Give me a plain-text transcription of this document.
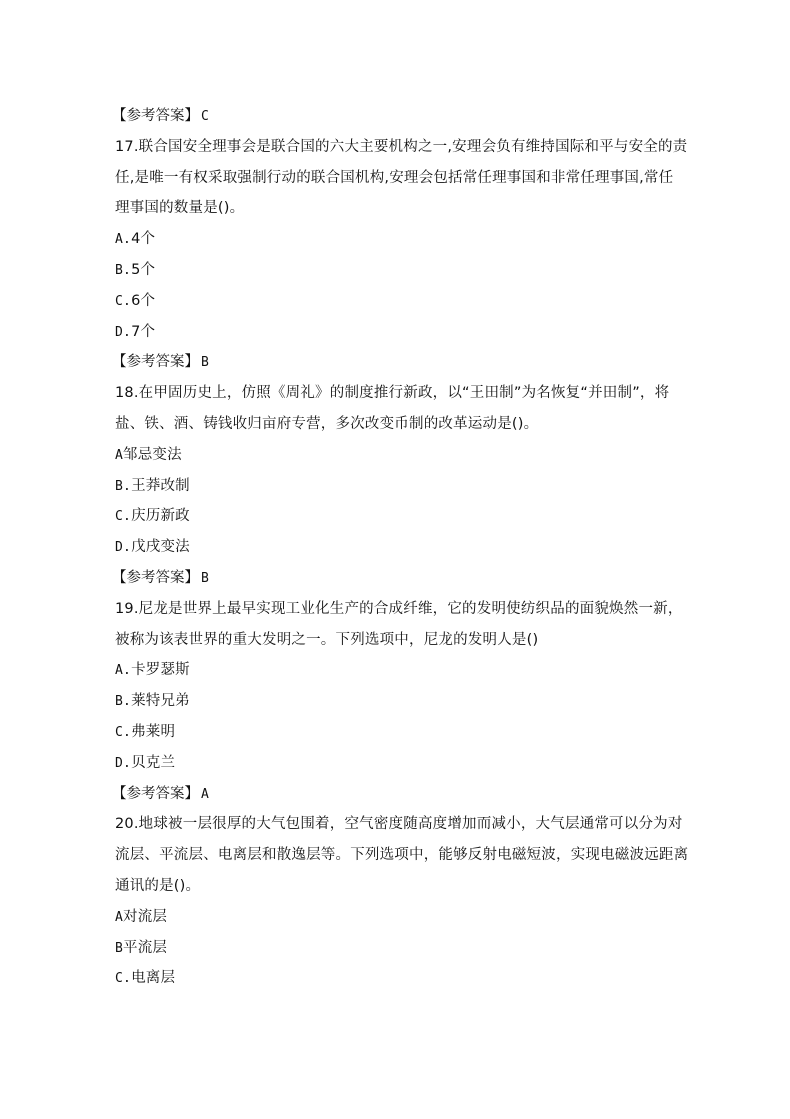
【参考答案】 C
17.联合国安全理事会是联合国的六大主要机构之一,安理会负有维持国际和平与安全的责
任,是唯一有权采取强制行动的联合国机构,安理会包括常任理事国和非常任理事国,常任
理事国的数量是()。
A.4个
B.5个
C.6个
D.7个
【参考答案】 B
18.在甲固历史上，仿照《周礼》的制度推行新政，以“王田制”为名恢复“并田制”，将
盐、铁、酒、铸钱收归亩府专营，多次改变币制的改革运动是()。
A邹忌变法
B.王莽改制
C.庆历新政
D.戊戌变法
【参考答案】 B
19.尼龙是世界上最早实现工业化生产的合成纤维，它的发明使纺织品的面貌焕然一新，
被称为该表世界的重大发明之一。下列选项中，尼龙的发明人是()
A.卡罗瑟斯
B.莱特兄弟
C.弗莱明
D.贝克兰
【参考答案】 A
20.地球被一层很厚的大气包围着，空气密度随高度增加而减小，大气层通常可以分为对
流层、平流层、电离层和散逸层等。下列选项中，能够反射电磁短波，实现电磁波远距离
通讯的是()。
A对流层
B平流层
C.电离层
